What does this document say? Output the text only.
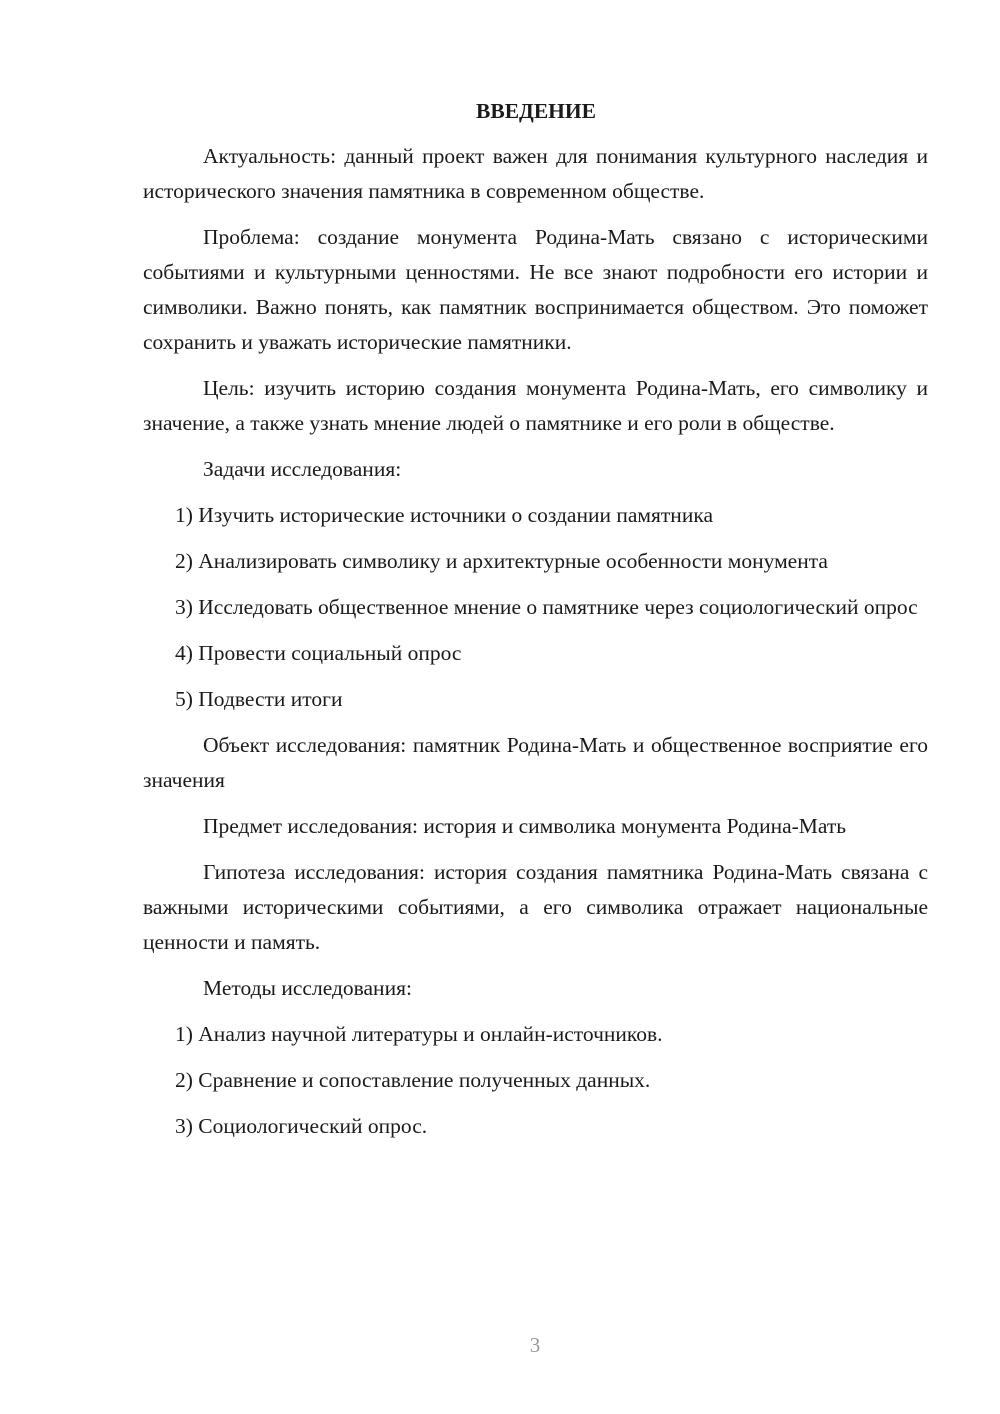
ВВЕДЕНИЕ

Актуальность: данный проект важен для понимания культурного наследия и исторического значения памятника в современном обществе.

Проблема: создание монумента Родина-Мать связано с историческими событиями и культурными ценностями. Не все знают подробности его истории и символики. Важно понять, как памятник воспринимается обществом. Это поможет сохранить и уважать исторические памятники.

Цель: изучить историю создания монумента Родина-Мать, его символику и значение, а также узнать мнение людей о памятнике и его роли в обществе.

Задачи исследования:

1) Изучить исторические источники о создании памятника

2) Анализировать символику и архитектурные особенности монумента

3) Исследовать общественное мнение о памятнике через социологический опрос

4) Провести социальный опрос

5) Подвести итоги

Объект исследования: памятник Родина-Мать и общественное восприятие его значения

Предмет исследования: история и символика монумента Родина-Мать

Гипотеза исследования: история создания памятника Родина-Мать связана с важными историческими событиями, а его символика отражает национальные ценности и память.

Методы исследования:

1) Анализ научной литературы и онлайн-источников.

2) Сравнение и сопоставление полученных данных.

3) Социологический опрос.

3
